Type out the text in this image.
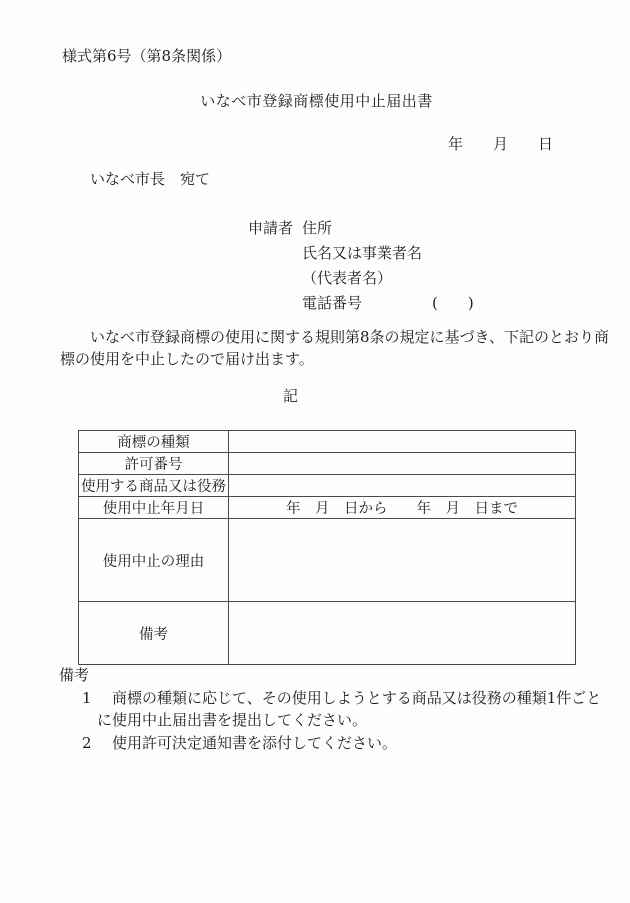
様式第6号（第8条関係）
いなべ市登録商標使用中止届出書
年　　月　　日
いなべ市長　宛て
申請者 住所
氏名又は事業者名
（代表者名）
電話番号	(　　)
いなべ市登録商標の使用に関する規則第8条の規定に基づき、下記のとおり商
標の使用を中止したので届け出ます。
記
商標の種類	
許可番号	
使用する商品又は役務	
使用中止年月日	年　月　日から　　年　月　日まで
使用中止の理由	
備考	
備考
1 商標の種類に応じて、その使用しようとする商品又は役務の種類1件ごと
に使用中止届出書を提出してください。
2 使用許可決定通知書を添付してください。
